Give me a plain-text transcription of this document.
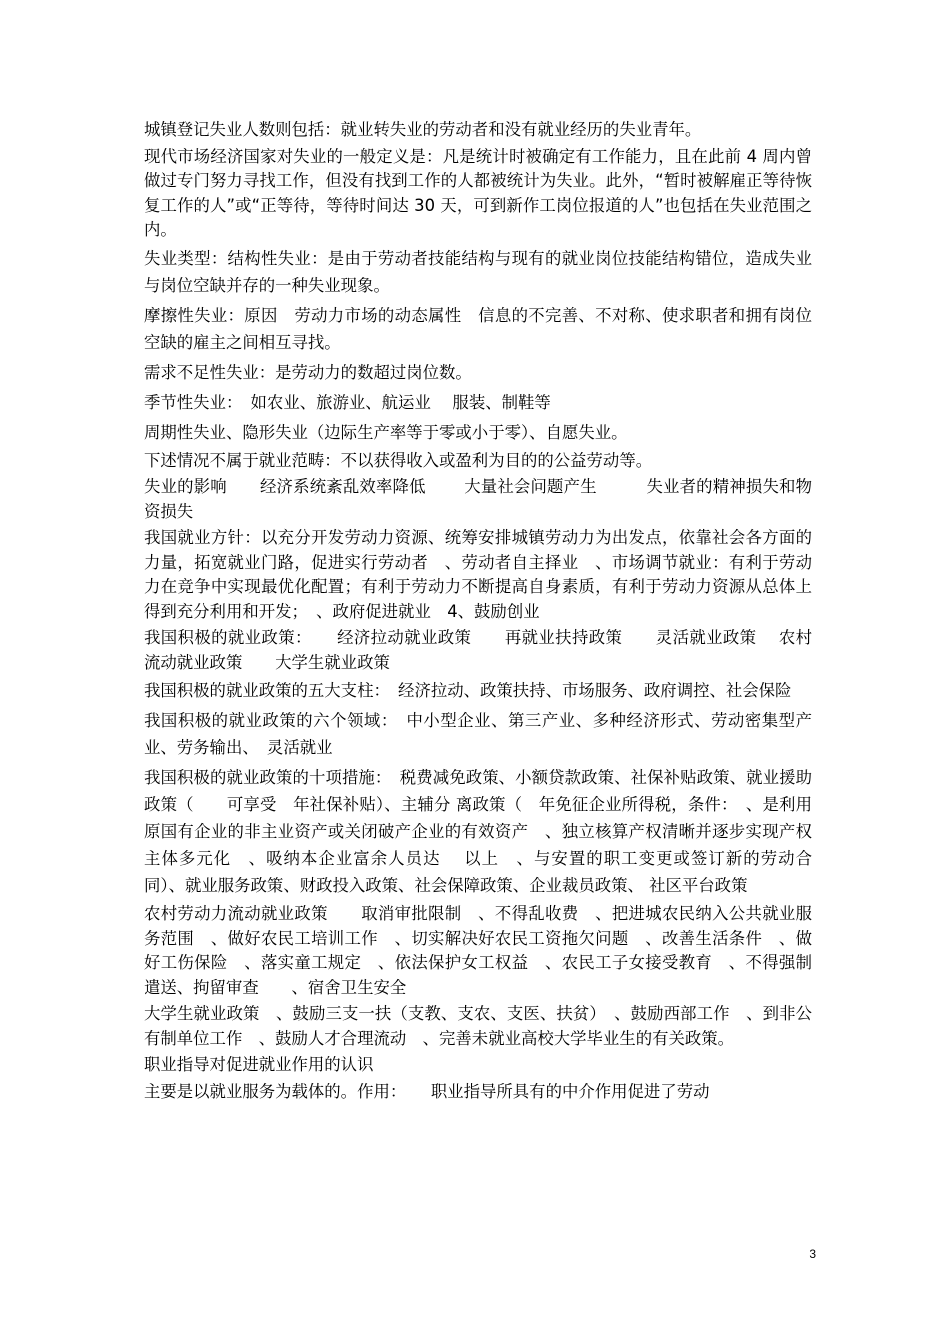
城镇登记失业人数则包括：就业转失业的劳动者和没有就业经历的失业青年。

现代市场经济国家对失业的一般定义是：凡是统计时被确定有工作能力，且在此前 4 周内曾做过专门努力寻找工作，但没有找到工作的人都被统计为失业。此外，“暂时被解雇正等待恢复工作的人”或“正等待，等待时间达 30 天，可到新作工岗位报道的人”也包括在失业范围之内。

失业类型：结构性失业：是由于劳动者技能结构与现有的就业岗位技能结构错位，造成失业与岗位空缺并存的一种失业现象。

摩擦性失业：原因　劳动力市场的动态属性　信息的不完善、不对称、使求职者和拥有岗位空缺的雇主之间相互寻找。

需求不足性失业：是劳动力的数超过岗位数。

季节性失业：　如农业、旅游业、航运业　 服装、制鞋等

周期性失业、隐形失业（边际生产率等于零或小于零）、自愿失业。

下述情况不属于就业范畴：不以获得收入或盈利为目的的公益劳动等。

失业的影响　　经济系统紊乱效率降低　　 大量社会问题产生　　　失业者的精神损失和物资损失

我国就业方针：以充分开发劳动力资源、统筹安排城镇劳动力为出发点，依靠社会各方面的力量，拓宽就业门路，促进实行劳动者　、劳动者自主择业　、市场调节就业：有利于劳动力在竞争中实现最优化配置；有利于劳动力不断提高自身素质，有利于劳动力资源从总体上得到充分利用和开发；　、政府促进就业　4、鼓励创业

我国积极的就业政策：　　经济拉动就业政策　　再就业扶持政策　　灵活就业政策　 农村流动就业政策　　大学生就业政策

我国积极的就业政策的五大支柱：　经济拉动、政策扶持、市场服务、政府调控、社会保险

我国积极的就业政策的六个领域：　中小型企业、第三产业、多种经济形式、劳动密集型产业、劳务输出、　灵活就业

我国积极的就业政策的十项措施：　税费减免政策、小额贷款政策、社保补贴政策、就业援助政策（　　可享受　年社保补贴）、主辅分 离政策（　年免征企业所得税，条件：　、是利用原国有企业的非主业资产或关闭破产企业的有效资产　、独立核算产权清晰并逐步实现产权主体多元化　、吸纳本企业富余人员达　 以上　、与安置的职工变更或签订新的劳动合同）、就业服务政策、财政投入政策、社会保障政策、企业裁员政策、 社区平台政策

农村劳动力流动就业政策　　取消审批限制　、不得乱收费　、把进城农民纳入公共就业服务范围　、做好农民工培训工作　、切实解决好农民工资拖欠问题　、改善生活条件　、做好工伤保险　、落实童工规定　、依法保护女工权益　、农民工子女接受教育　、不得强制遣送、拘留审查　　、宿舍卫生安全

大学生就业政策　、鼓励三支一扶（支教、支农、支医、扶贫）　、鼓励西部工作　、到非公有制单位工作　、鼓励人才合理流动　、完善未就业高校大学毕业生的有关政策。

职业指导对促进就业作用的认识

主要是以就业服务为载体的。作用：　　职业指导所具有的中介作用促进了劳动

3
